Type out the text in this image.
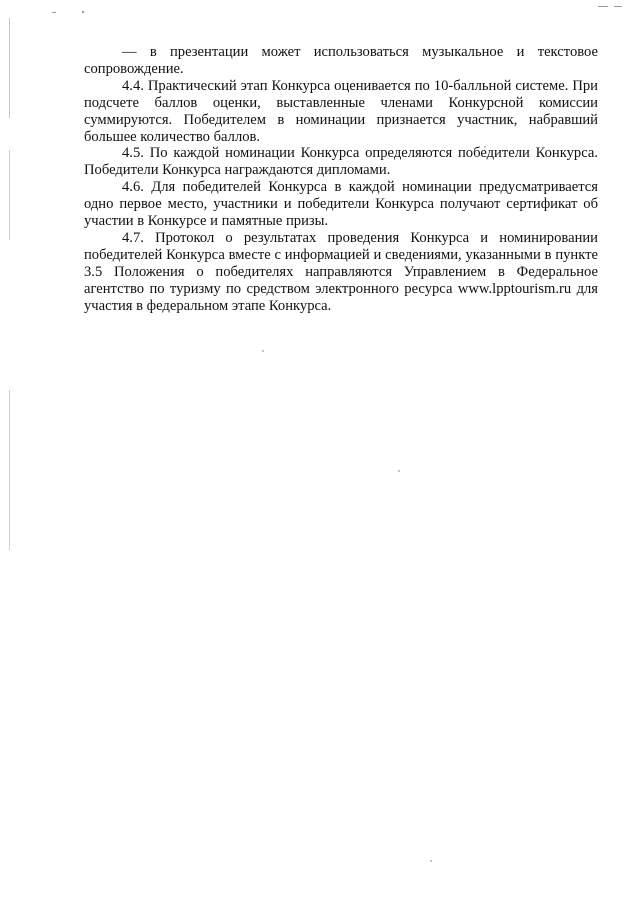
— в презентации может использоваться музыкальное и текстовое сопровождение.

4.4. Практический этап Конкурса оценивается по 10-балльной системе. При подсчете баллов оценки, выставленные членами Конкурсной комиссии суммируются. Победителем в номинации признается участник, набравший большее количество баллов.

4.5. По каждой номинации Конкурса определяются победители Конкурса. Победители Конкурса награждаются дипломами.

4.6. Для победителей Конкурса в каждой номинации предусматривается одно первое место, участники и победители Конкурса получают сертификат об участии в Конкурсе и памятные призы.

4.7. Протокол о результатах проведения Конкурса и номинировании победителей Конкурса вместе с информацией и сведениями, указанными в пункте 3.5 Положения о победителях направляются Управлением в Федеральное агентство по туризму по средством электронного ресурса www.lpptourism.ru для участия в федеральном этапе Конкурса.
